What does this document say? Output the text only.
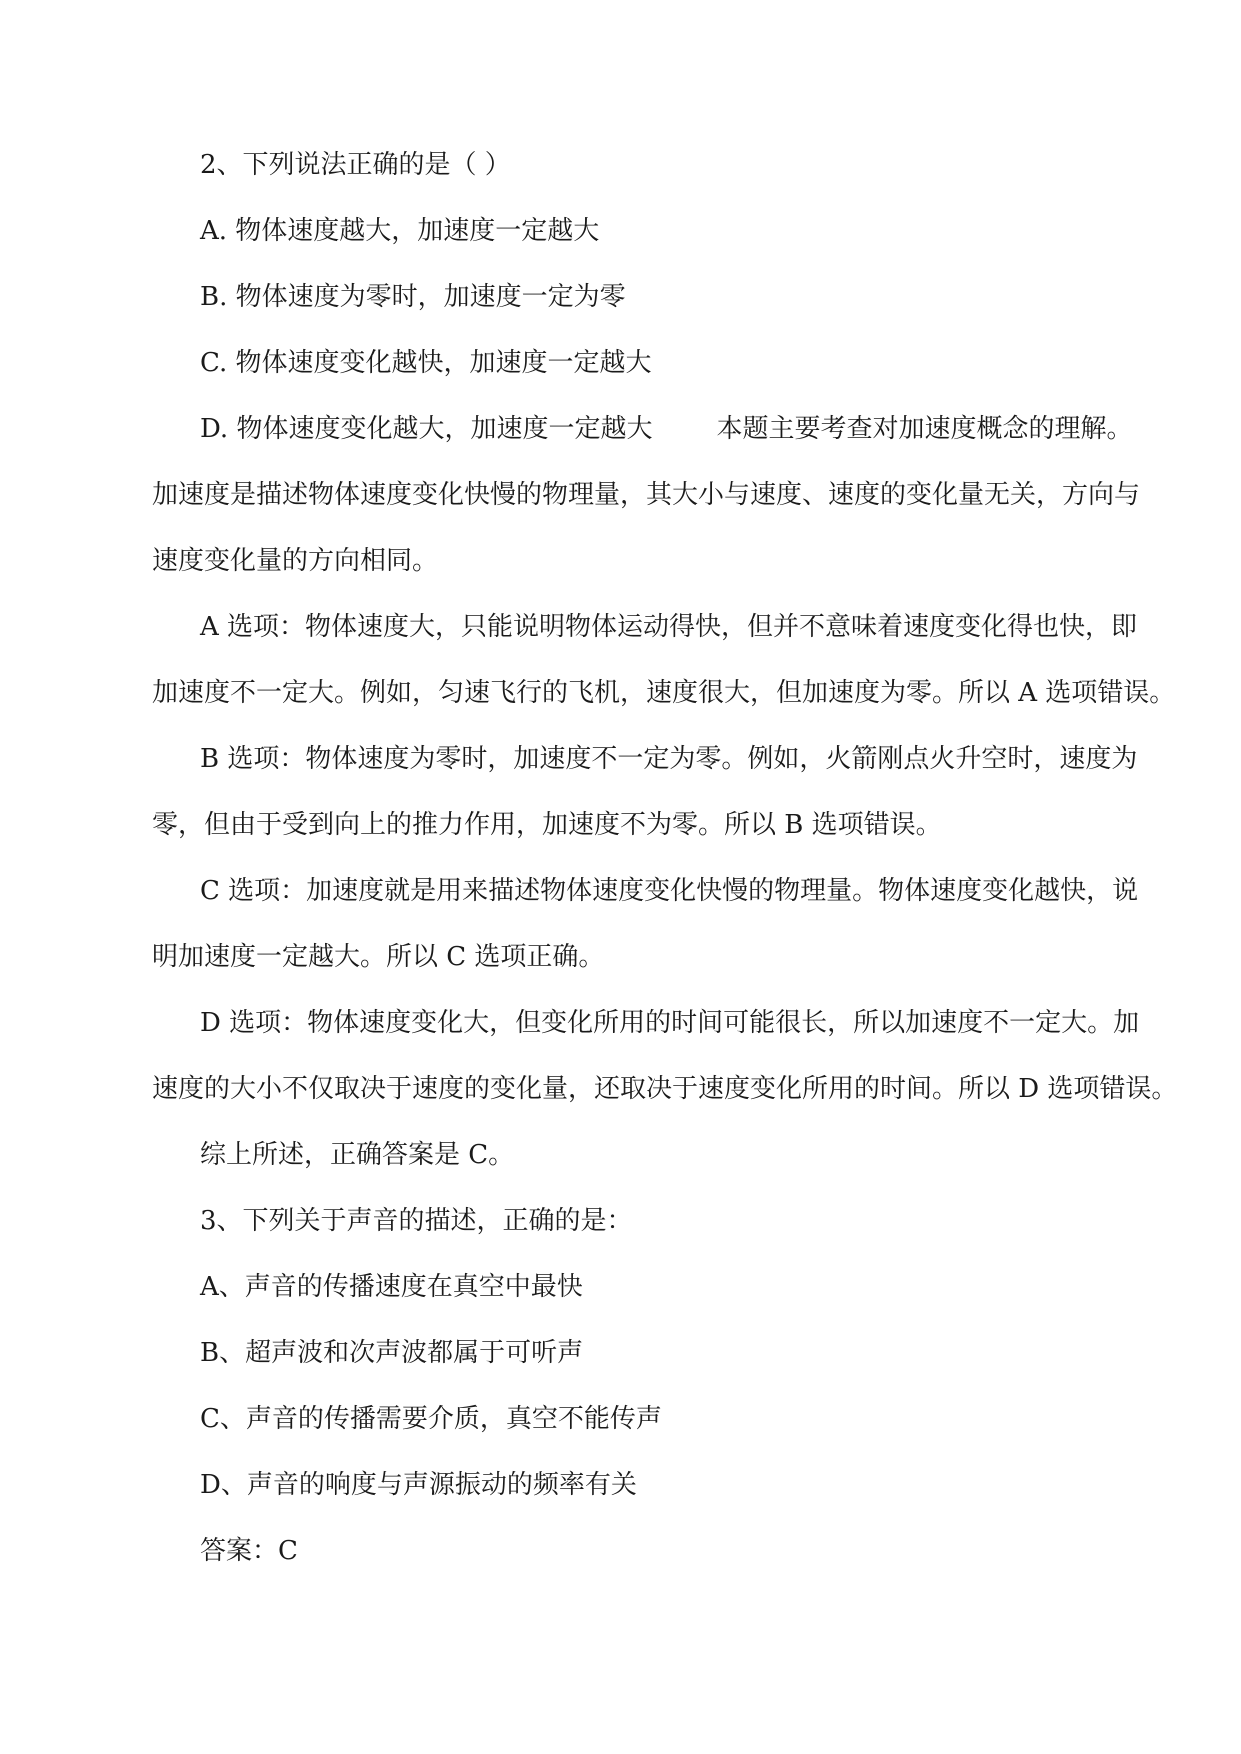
2、下列说法正确的是（ ）
A. 物体速度越大，加速度一定越大
B. 物体速度为零时，加速度一定为零
C. 物体速度变化越快，加速度一定越大
D. 物体速度变化越大，加速度一定越大 本题主要考查对加速度概念的理解。
加速度是描述物体速度变化快慢的物理量，其大小与速度、速度的变化量无关，方向与
速度变化量的方向相同。
A 选项：物体速度大，只能说明物体运动得快，但并不意味着速度变化得也快，即
加速度不一定大。例如，匀速飞行的飞机，速度很大，但加速度为零。所以 A 选项错误。
B 选项：物体速度为零时，加速度不一定为零。例如，火箭刚点火升空时，速度为
零，但由于受到向上的推力作用，加速度不为零。所以 B 选项错误。
C 选项：加速度就是用来描述物体速度变化快慢的物理量。物体速度变化越快，说
明加速度一定越大。所以 C 选项正确。
D 选项：物体速度变化大，但变化所用的时间可能很长，所以加速度不一定大。加
速度的大小不仅取决于速度的变化量，还取决于速度变化所用的时间。所以 D 选项错误。
综上所述，正确答案是 C。
3、下列关于声音的描述，正确的是：
A、声音的传播速度在真空中最快
B、超声波和次声波都属于可听声
C、声音的传播需要介质，真空不能传声
D、声音的响度与声源振动的频率有关
答案：C
